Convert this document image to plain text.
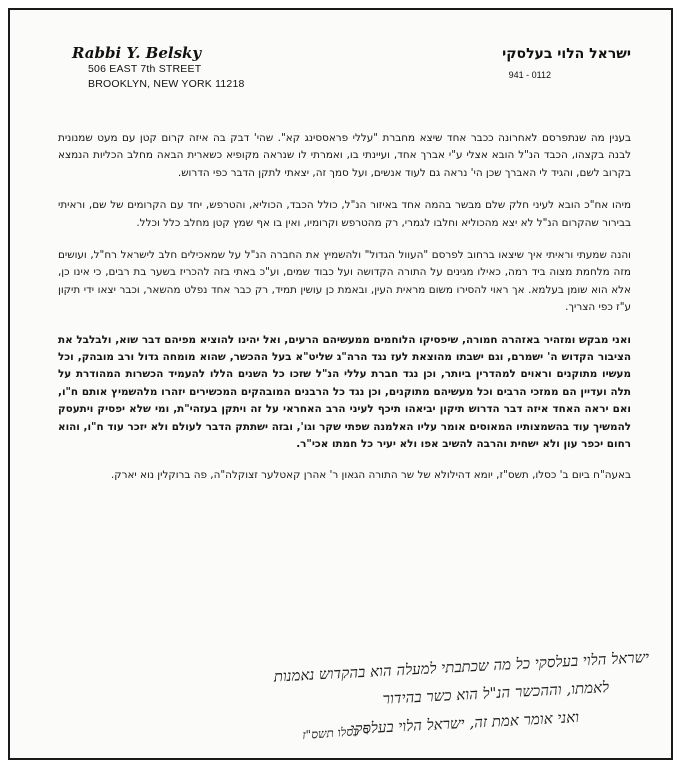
Rabbi Y. Belsky
506 EAST 7th STREET
BROOKLYN, NEW YORK 11218
ישראל הלוי בעלסקי
941 - 0112

בענין מה שנתפרסם לאחרונה ככבר אחד שיצא מחברת "עללי פראססינג קא". שהי' דבק בה איזה קרום קטן עם מעט שמנונית לבנה בקצהו, הכבד הנ"ל הובא אצלי ע"י אברך אחד, ועיינתי בו, ואמרתי לו שנראה מקופיא כשארית הבאה מחלב הכליות הנמצא בקרוב לשם, והגיד לי האברך שכן הי' נראה גם לעוד אנשים, ועל סמך זה, יצאתי לתקן הדבר כפי הדרוש.

מיהו אח"כ הובא לעיני חלק שלם מבשר בהמה אחד באיזור הנ"ל, כולל הכבד, הכוליא, והטרפש, יחד עם הקרומים של שם, וראיתי בבירור שהקרום הנ"ל לא יצא מהכוליא וחלבו לגמרי, רק מהטרפש וקרומיו, ואין בו אף שמץ קטן מחלב כלל וכלל.

והנה שמעתי וראיתי איך שיצאו ברחוב לפרסם "העוול הגדול" ולהשמיץ את החברה הנ"ל על שמאכילים חלב לישראל רח"ל, ועושים מזה מלחמת מצוה ביד רמה, כאילו מגינים על התורה הקדושה ועל כבוד שמים, וע"כ באתי בזה להכריז בשער בת רבים, כי אינו כן, אלא הוא שומן בעלמא. אך ראוי להסירו משום מראית העין, ובאמת כן עושין תמיד, רק כבר אחד נפלט מהשאר, וכבר יצאו ידי תיקון ע"ז כפי הצריך.

ואני מבקש ומזהיר באזהרה חמורה, שיפסיקו הלוחמים ממעשיהם הרעים, ואל יהינו להוציא מפיהם דבר שוא, ולבלבל את הציבור הקדוש ה' ישמרם, וגם ישבתו מהוצאת לעז נגד הרה"ג שליט"א בעל ההכשר, שהוא מומחה גדול ורב מובהק, וכל מעשיו מתוקנים וראוים למהדרין ביותר, וכן נגד חברת עללי הנ"ל שזכו כל השנים הללו להעמיד הכשרות המהודרת על תלה ועדיין הם ממזכי הרבים וכל מעשיהם מתוקנים, וכן נגד כל הרבנים המובהקים המכשירים יזהרו מלהשמיץ אותם ח"ו, ואם יראה האחד איזה דבר הדרוש תיקון יביאהו תיכף לעיני הרב האחראי על זה ויתקן בעזהי"ת, ומי שלא יפסיק ויתעסק להמשיך עוד בהשמצותיו המאוסים אומר עליו האלמנה שפתי שקר וגו', ובזה ישתתק הדבר לעולם ולא יזכר עוד ח"ו, והוא רחום יכפר עון ולא ישחית והרבה להשיב אפו ולא יעיר כל חמתו אכי"ר.

באעה"ח ביום ב' כסלו, תשס"ז, יומא דהילולא של שר התורה הגאון ר' אהרן קאטלער זצוקלה"ה, פה ברוקלין נוא יארק.

ישראל הלוי בעלסקי כל מה שכתבתי למעלה הוא בהקדוש נאמנות
לאמתו, וההכשר הנ"ל הוא כשר בהידור
ואני אומר אמת זה, ישראל הלוי בעלסקי
ר כסלו תשס"ז
